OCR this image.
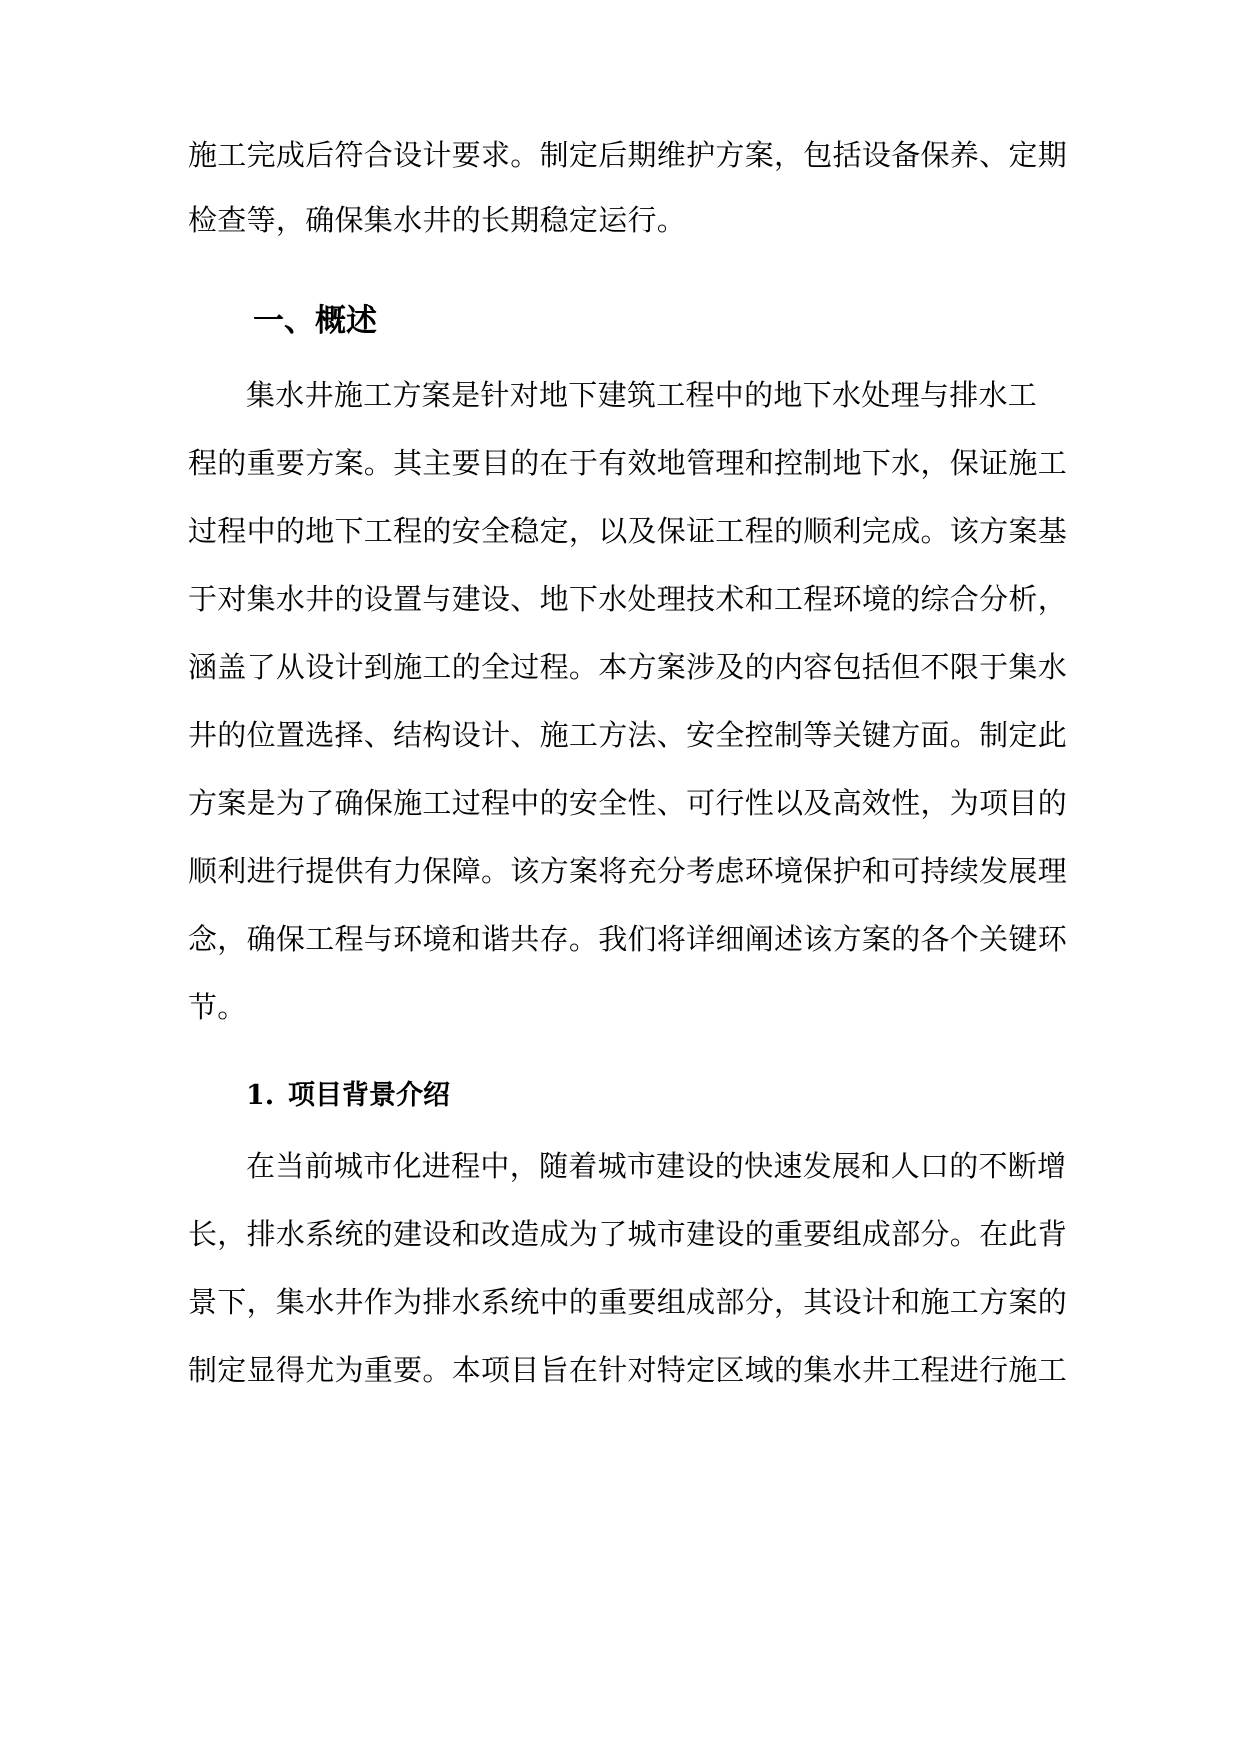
施工完成后符合设计要求。制定后期维护方案，包括设备保养、定期

检查等，确保集水井的长期稳定运行。

一、概述

集水井施工方案是针对地下建筑工程中的地下水处理与排水工

程的重要方案。其主要目的在于有效地管理和控制地下水，保证施工

过程中的地下工程的安全稳定，以及保证工程的顺利完成。该方案基

于对集水井的设置与建设、地下水处理技术和工程环境的综合分析，

涵盖了从设计到施工的全过程。本方案涉及的内容包括但不限于集水

井的位置选择、结构设计、施工方法、安全控制等关键方面。制定此

方案是为了确保施工过程中的安全性、可行性以及高效性，为项目的

顺利进行提供有力保障。该方案将充分考虑环境保护和可持续发展理

念，确保工程与环境和谐共存。我们将详细阐述该方案的各个关键环

节。

1. 项目背景介绍

在当前城市化进程中，随着城市建设的快速发展和人口的不断增

长，排水系统的建设和改造成为了城市建设的重要组成部分。在此背

景下，集水井作为排水系统中的重要组成部分，其设计和施工方案的

制定显得尤为重要。本项目旨在针对特定区域的集水井工程进行施工
